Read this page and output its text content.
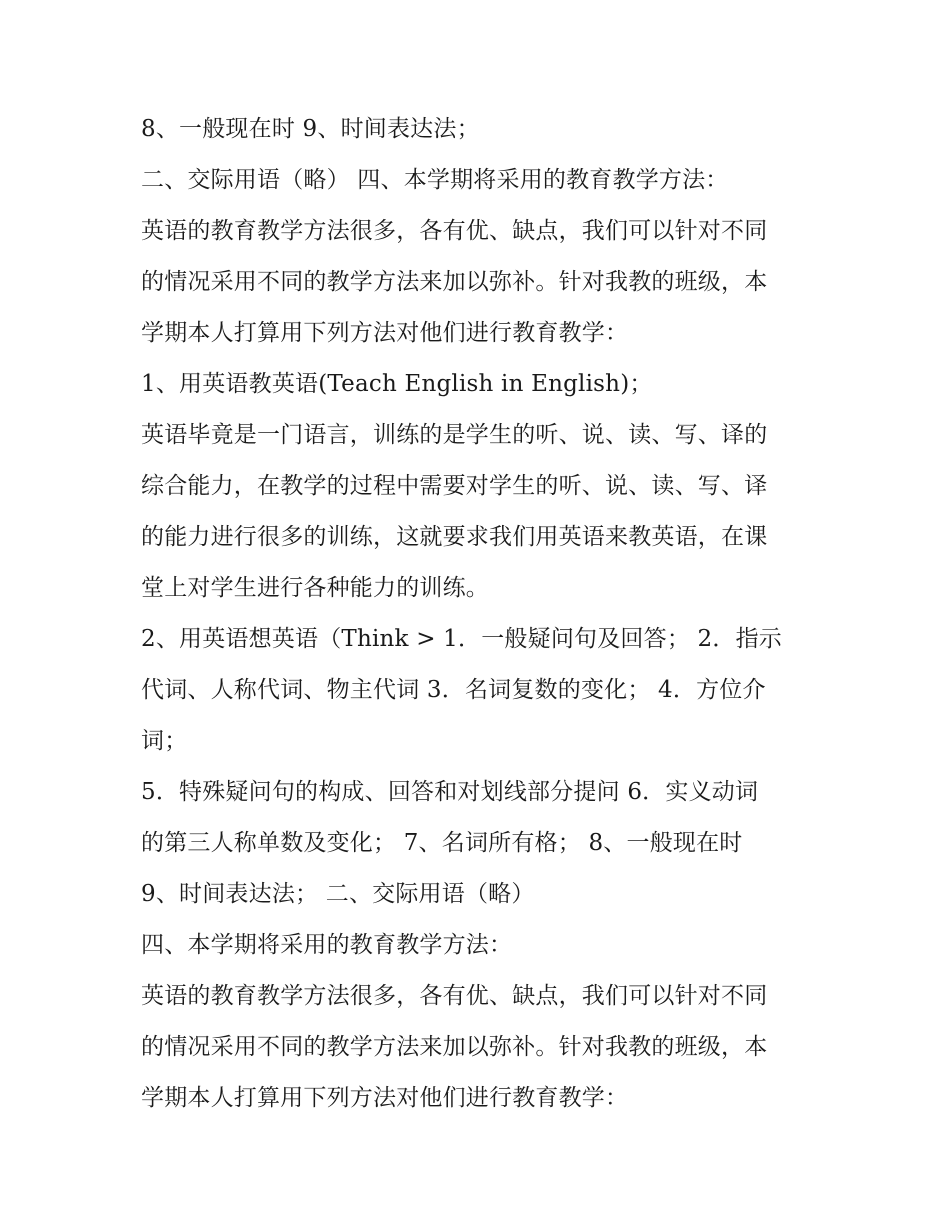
8、一般现在时 9、时间表达法；
二、交际用语（略） 四、本学期将采用的教育教学方法：
英语的教育教学方法很多，各有优、缺点，我们可以针对不同
的情况采用不同的教学方法来加以弥补。针对我教的班级，本
学期本人打算用下列方法对他们进行教育教学：
1、用英语教英语(Teach English in English)；
英语毕竟是一门语言，训练的是学生的听、说、读、写、译的
综合能力，在教学的过程中需要对学生的听、说、读、写、译
的能力进行很多的训练，这就要求我们用英语来教英语，在课
堂上对学生进行各种能力的训练。
2、用英语想英语（Think > 1．一般疑问句及回答； 2．指示
代词、人称代词、物主代词 3．名词复数的变化； 4．方位介
词；
5．特殊疑问句的构成、回答和对划线部分提问 6．实义动词
的第三人称单数及变化； 7、名词所有格； 8、一般现在时
9、时间表达法； 二、交际用语（略）
四、本学期将采用的教育教学方法：
英语的教育教学方法很多，各有优、缺点，我们可以针对不同
的情况采用不同的教学方法来加以弥补。针对我教的班级，本
学期本人打算用下列方法对他们进行教育教学：
